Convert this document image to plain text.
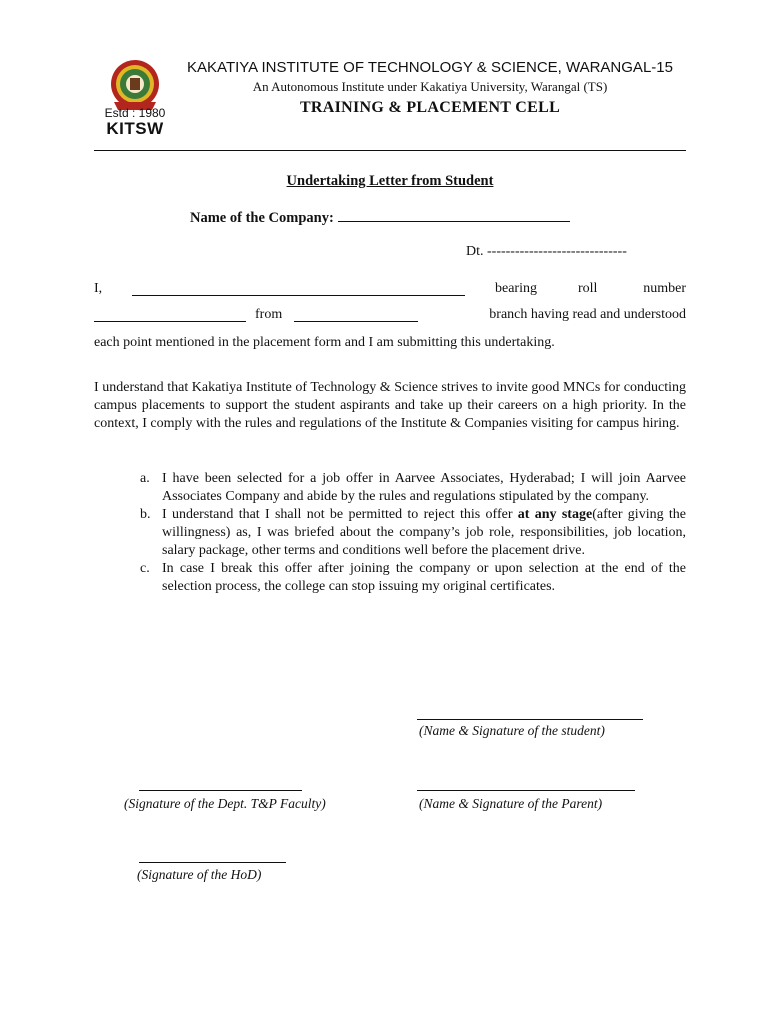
Estd : 1980
KITSW
KAKATIYA INSTITUTE OF TECHNOLOGY & SCIENCE, WARANGAL-15
An Autonomous Institute under Kakatiya University, Warangal (TS)
TRAINING & PLACEMENT CELL
Undertaking Letter from Student
Name of the Company:
Dt. ------------------------------
I,	bearing	roll	number
from	branch having read and understood
each point mentioned in the placement form and I am submitting this undertaking.
I understand that Kakatiya Institute of Technology & Science strives to invite good MNCs for conducting campus placements to support the student aspirants and take up their careers on a high priority. In the context, I comply with the rules and regulations of the Institute & Companies visiting for campus hiring.
a. I have been selected for a job offer in Aarvee Associates, Hyderabad; I will join Aarvee Associates Company and abide by the rules and regulations stipulated by the company.
b. I understand that I shall not be permitted to reject this offer at any stage(after giving the willingness) as, I was briefed about the company’s job role, responsibilities, job location, salary package, other terms and conditions well before the placement drive.
c. In case I break this offer after joining the company or upon selection at the end of the selection process, the college can stop issuing my original certificates.
(Name & Signature of the student)
(Signature of the Dept. T&P Faculty)	(Name & Signature of the Parent)
(Signature of the HoD)
